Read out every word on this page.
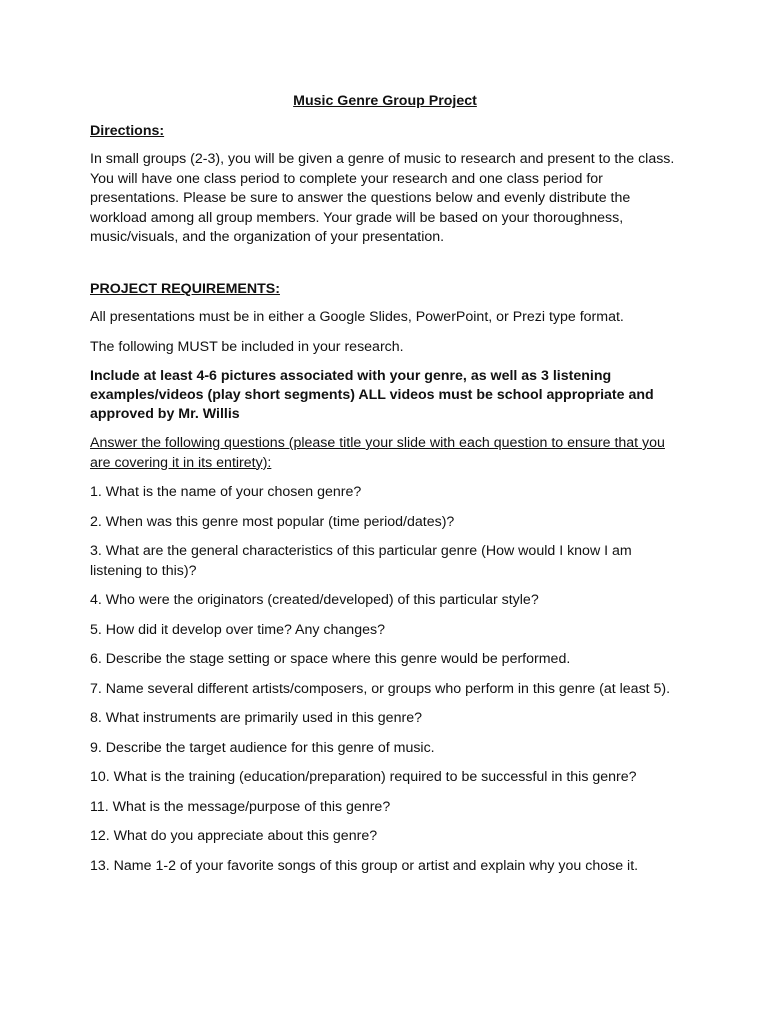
Music Genre Group Project
Directions:
In small groups (2-3), you will be given a genre of music to research and present to the class. You will have one class period to complete your research and one class period for presentations. Please be sure to answer the questions below and evenly distribute the workload among all group members. Your grade will be based on your thoroughness, music/visuals, and the organization of your presentation.
PROJECT REQUIREMENTS:
All presentations must be in either a Google Slides, PowerPoint, or Prezi type format.
The following MUST be included in your research.
Include at least 4-6 pictures associated with your genre, as well as 3 listening examples/videos (play short segments) ALL videos must be school appropriate and approved by Mr. Willis
Answer the following questions (please title your slide with each question to ensure that you are covering it in its entirety):
1. What is the name of your chosen genre?
2. When was this genre most popular (time period/dates)?
3. What are the general characteristics of this particular genre (How would I know I am listening to this)?
4. Who were the originators (created/developed) of this particular style?
5. How did it develop over time? Any changes?
6. Describe the stage setting or space where this genre would be performed.
7. Name several different artists/composers, or groups who perform in this genre (at least 5).
8. What instruments are primarily used in this genre?
9. Describe the target audience for this genre of music.
10. What is the training (education/preparation) required to be successful in this genre?
11. What is the message/purpose of this genre?
12. What do you appreciate about this genre?
13. Name 1-2 of your favorite songs of this group or artist and explain why you chose it.
